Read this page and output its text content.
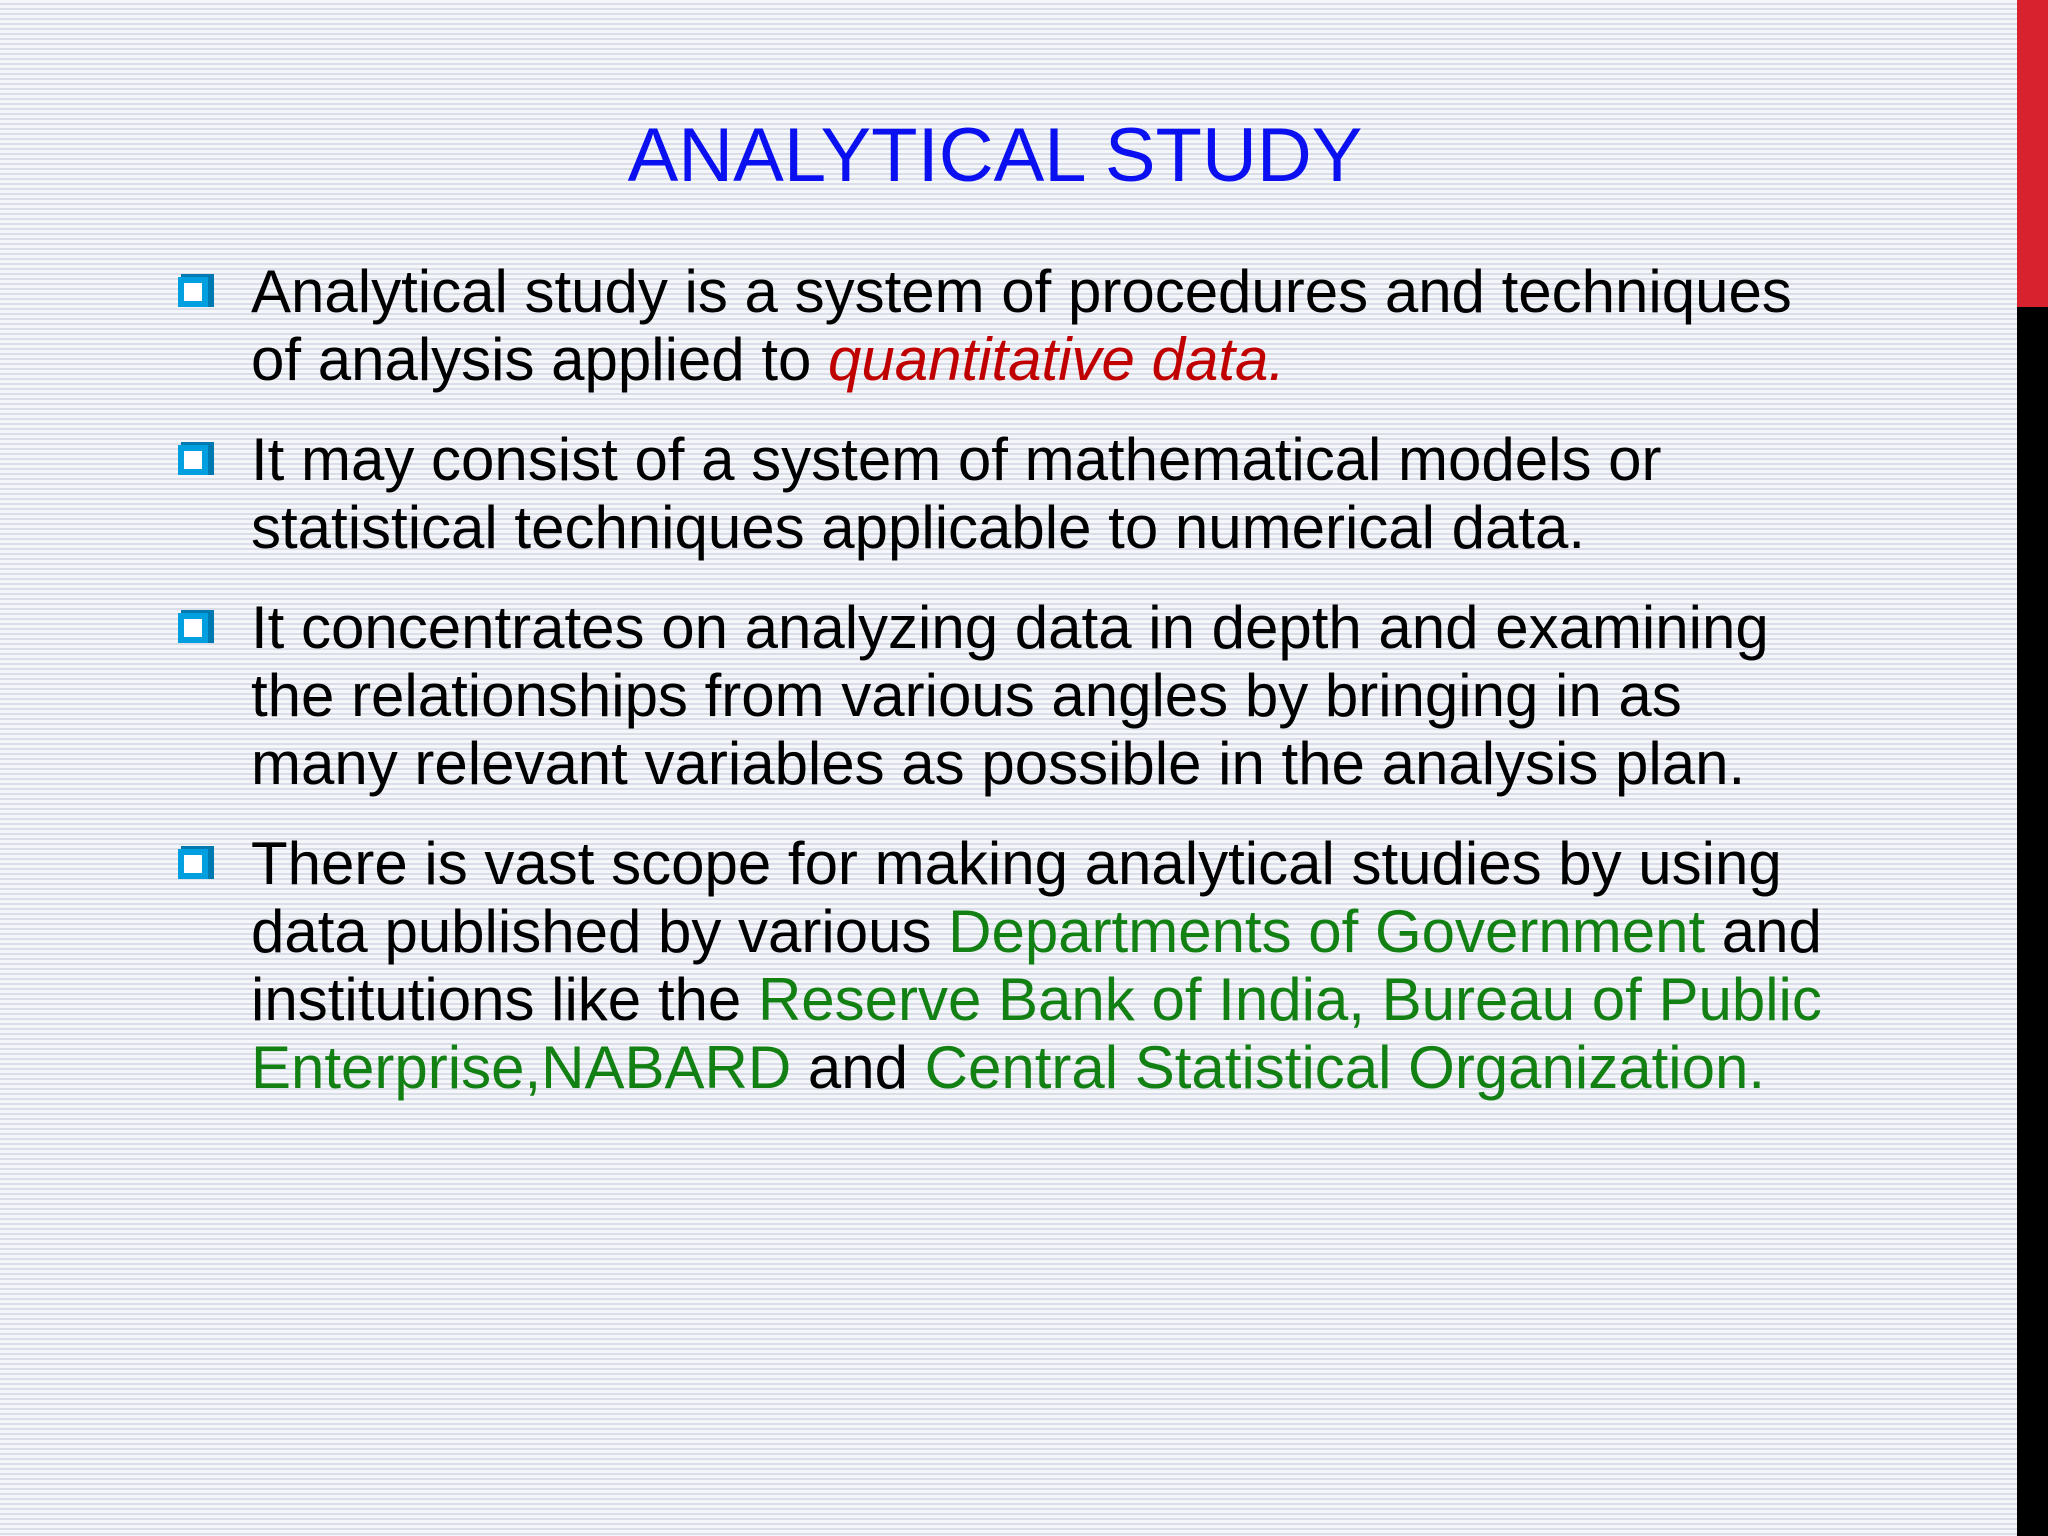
ANALYTICAL STUDY
Analytical study is a system of procedures and techniques of analysis applied to quantitative data.
It may consist of a system of mathematical models or statistical techniques applicable to numerical data.
It concentrates on analyzing data in depth and examining the relationships from various angles by bringing in as many relevant variables as possible in the analysis plan.
There is vast scope for making analytical studies by using data published by various Departments of Government and institutions like the Reserve Bank of India, Bureau of Public Enterprise,NABARD and Central Statistical Organization.
